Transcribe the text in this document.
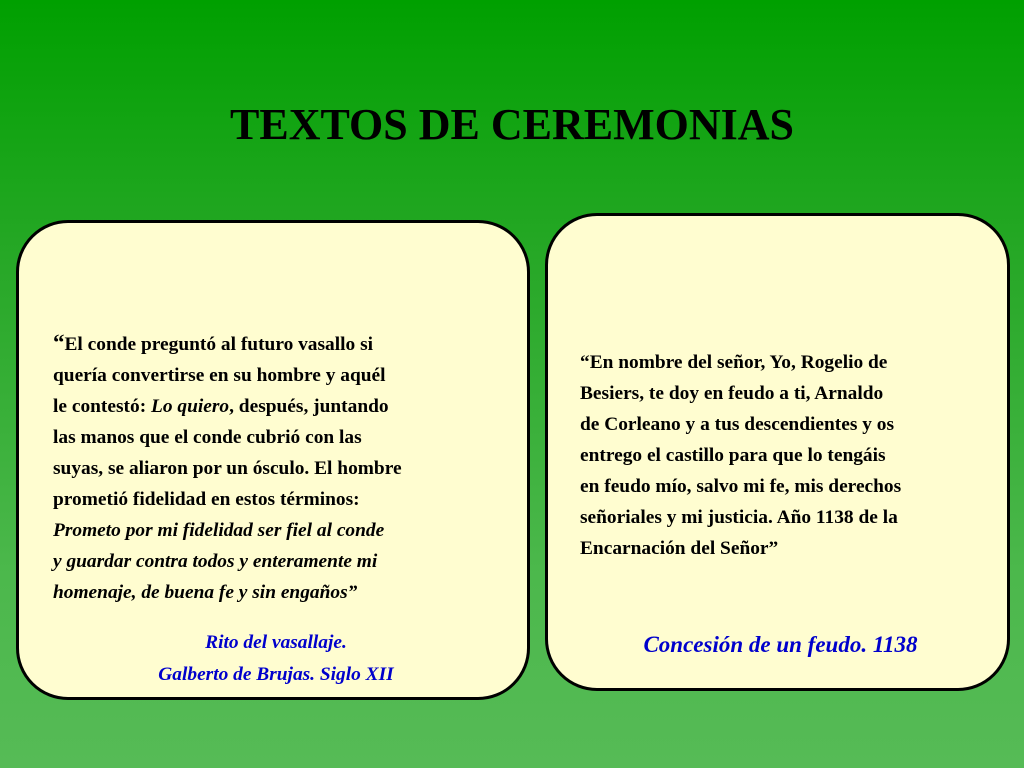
TEXTOS DE CEREMONIAS
“El conde preguntó al futuro vasallo si
quería convertirse en su hombre y aquél
le contestó: Lo quiero, después, juntando
las manos que el conde cubrió con las
suyas, se aliaron por un ósculo. El hombre
prometió fidelidad en estos términos:
Prometo por mi fidelidad ser fiel al conde
y guardar contra todos y enteramente mi
homenaje, de buena fe y sin engaños”
Rito del vasallaje.
Galberto de Brujas. Siglo XII
“En nombre del señor, Yo, Rogelio de
Besiers, te doy en feudo a ti, Arnaldo
de Corleano y a tus descendientes y os
entrego el castillo para que lo tengáis
en feudo mío, salvo mi fe, mis derechos
señoriales y mi justicia. Año 1138 de la
Encarnación del Señor”
Concesión de un feudo. 1138
